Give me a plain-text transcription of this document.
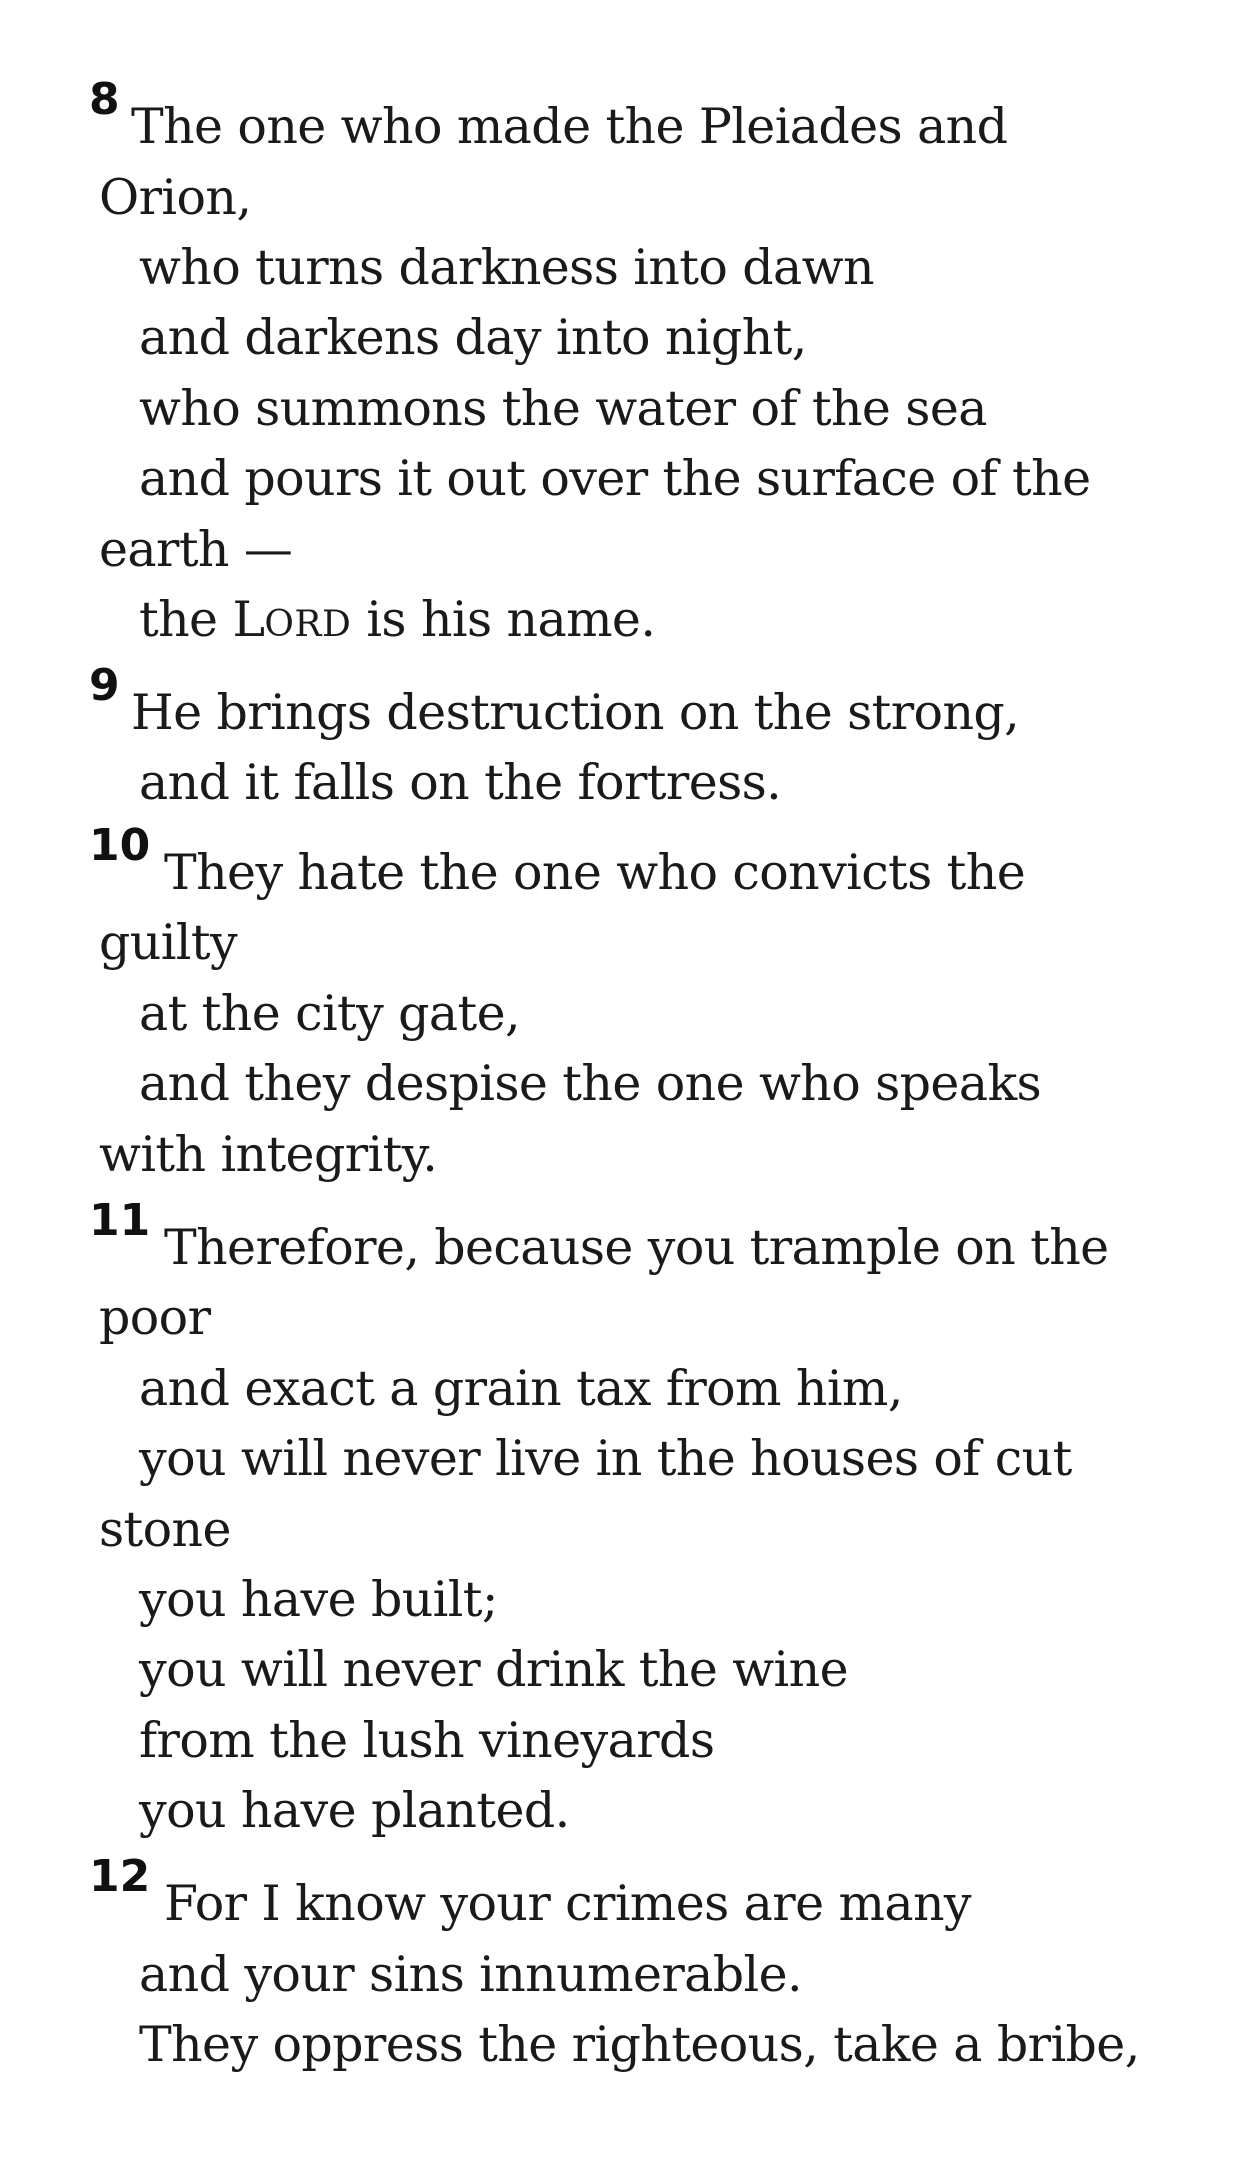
8 The one who made the Pleiades and
Orion,
who turns darkness into dawn
and darkens day into night,
who summons the water of the sea
and pours it out over the surface of the
earth —
the LORD is his name.
9 He brings destruction on the strong,
and it falls on the fortress.
10 They hate the one who convicts the
guilty
at the city gate,
and they despise the one who speaks
with integrity.
11 Therefore, because you trample on the
poor
and exact a grain tax from him,
you will never live in the houses of cut
stone
you have built;
you will never drink the wine
from the lush vineyards
you have planted.
12 For I know your crimes are many
and your sins innumerable.
They oppress the righteous, take a bribe,
